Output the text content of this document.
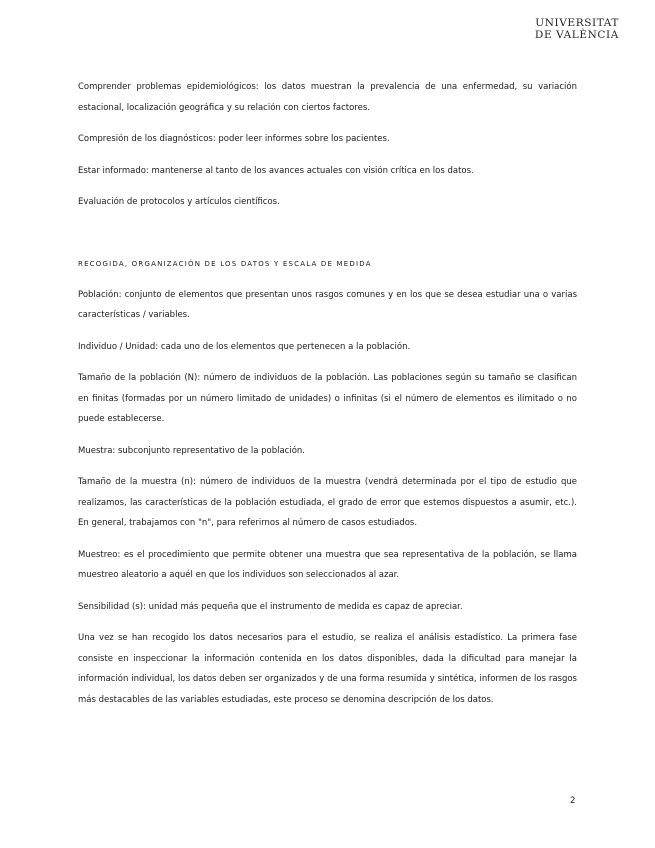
UNIVERSITAT
DE VALÈNCIA

Comprender problemas epidemiológicos: los datos muestran la prevalencia de una enfermedad, su variación estacional, localización geográfica y su relación con ciertos factores.

Compresión de los diagnósticos: poder leer informes sobre los pacientes.

Estar informado: mantenerse al tanto de los avances actuales con visión crítica en los datos.

Evaluación de protocolos y artículos científicos.

RECOGIDA, ORGANIZACIÓN DE LOS DATOS Y ESCALA DE MEDIDA

Población: conjunto de elementos que presentan unos rasgos comunes y en los que se desea estudiar una o varias características / variables.

Individuo / Unidad: cada uno de los elementos que pertenecen a la población.

Tamaño de la población (N): número de individuos de la población. Las poblaciones según su tamaño se clasifican en finitas (formadas por un número limitado de unidades) o infinitas (si el número de elementos es ilimitado o no puede establecerse.

Muestra: subconjunto representativo de la población.

Tamaño de la muestra (n): número de individuos de la muestra (vendrá determinada por el tipo de estudio que realizamos, las características de la población estudiada, el grado de error que estemos dispuestos a asumir, etc.). En general, trabajamos con "n", para referirnos al número de casos estudiados.

Muestreo: es el procedimiento que permite obtener una muestra que sea representativa de la población, se llama muestreo aleatorio a aquél en que los individuos son seleccionados al azar.

Sensibilidad (s): unidad más pequeña que el instrumento de medida es capaz de apreciar.

Una vez se han recogido los datos necesarios para el estudio, se realiza el análisis estadístico. La primera fase consiste en inspeccionar la información contenida en los datos disponibles, dada la dificultad para manejar la información individual, los datos deben ser organizados y de una forma resumida y sintética, informen de los rasgos más destacables de las variables estudiadas, este proceso se denomina descripción de los datos.

2
